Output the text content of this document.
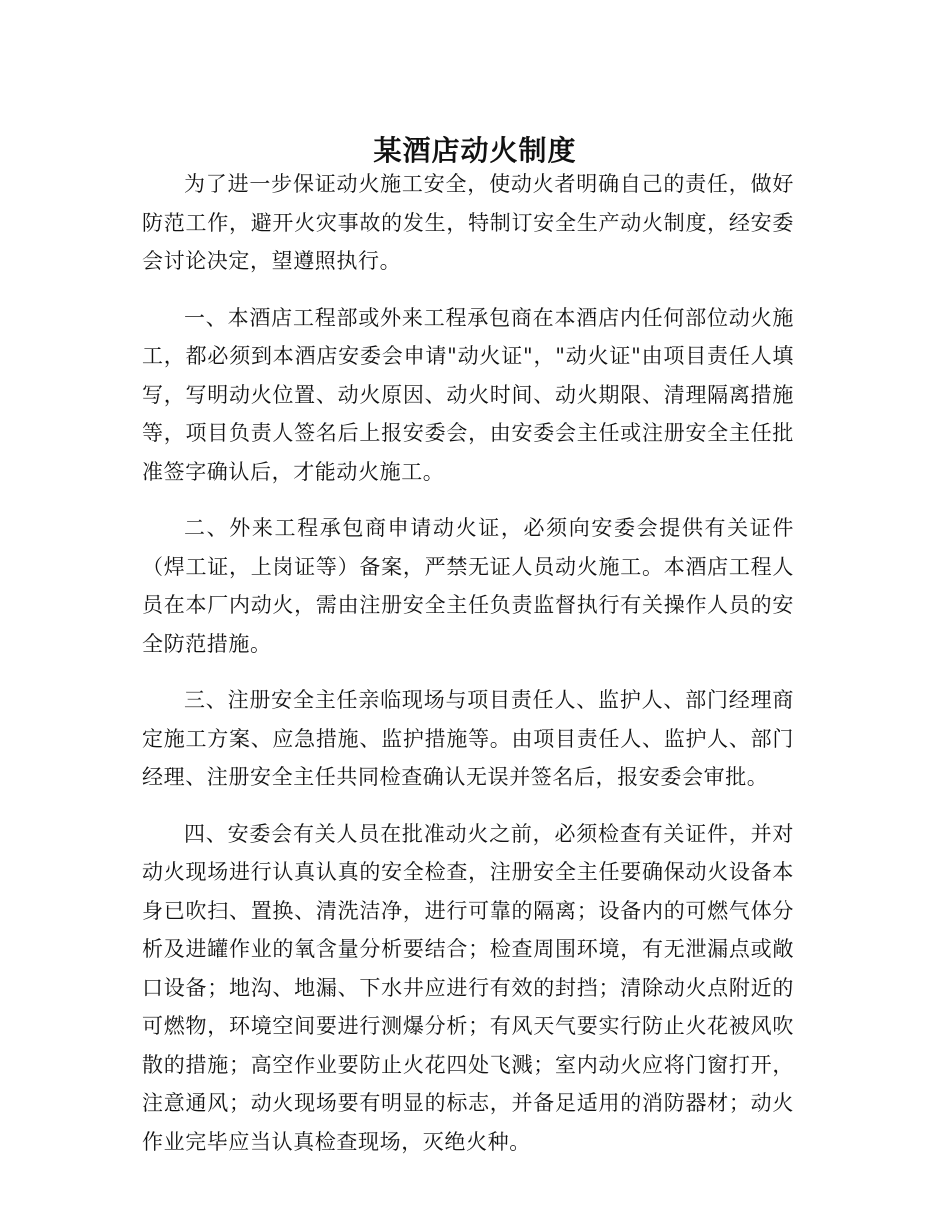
某酒店动火制度

为了进一步保证动火施工安全，使动火者明确自己的责任，做好防范工作，避开火灾事故的发生，特制订安全生产动火制度，经安委会讨论决定，望遵照执行。

一、本酒店工程部或外来工程承包商在本酒店内任何部位动火施工，都必须到本酒店安委会申请"动火证"，"动火证"由项目责任人填写，写明动火位置、动火原因、动火时间、动火期限、清理隔离措施等，项目负责人签名后上报安委会，由安委会主任或注册安全主任批准签字确认后，才能动火施工。

二、外来工程承包商申请动火证，必须向安委会提供有关证件（焊工证，上岗证等）备案，严禁无证人员动火施工。本酒店工程人员在本厂内动火，需由注册安全主任负责监督执行有关操作人员的安全防范措施。

三、注册安全主任亲临现场与项目责任人、监护人、部门经理商定施工方案、应急措施、监护措施等。由项目责任人、监护人、部门经理、注册安全主任共同检查确认无误并签名后，报安委会审批。

四、安委会有关人员在批准动火之前，必须检查有关证件，并对动火现场进行认真认真的安全检查，注册安全主任要确保动火设备本身已吹扫、置换、清洗洁净，进行可靠的隔离；设备内的可燃气体分析及进罐作业的氧含量分析要结合；检查周围环境，有无泄漏点或敞口设备；地沟、地漏、下水井应进行有效的封挡；清除动火点附近的可燃物，环境空间要进行测爆分析；有风天气要实行防止火花被风吹散的措施；高空作业要防止火花四处飞溅；室内动火应将门窗打开，注意通风；动火现场要有明显的标志，并备足适用的消防器材；动火作业完毕应当认真检查现场，灭绝火种。
